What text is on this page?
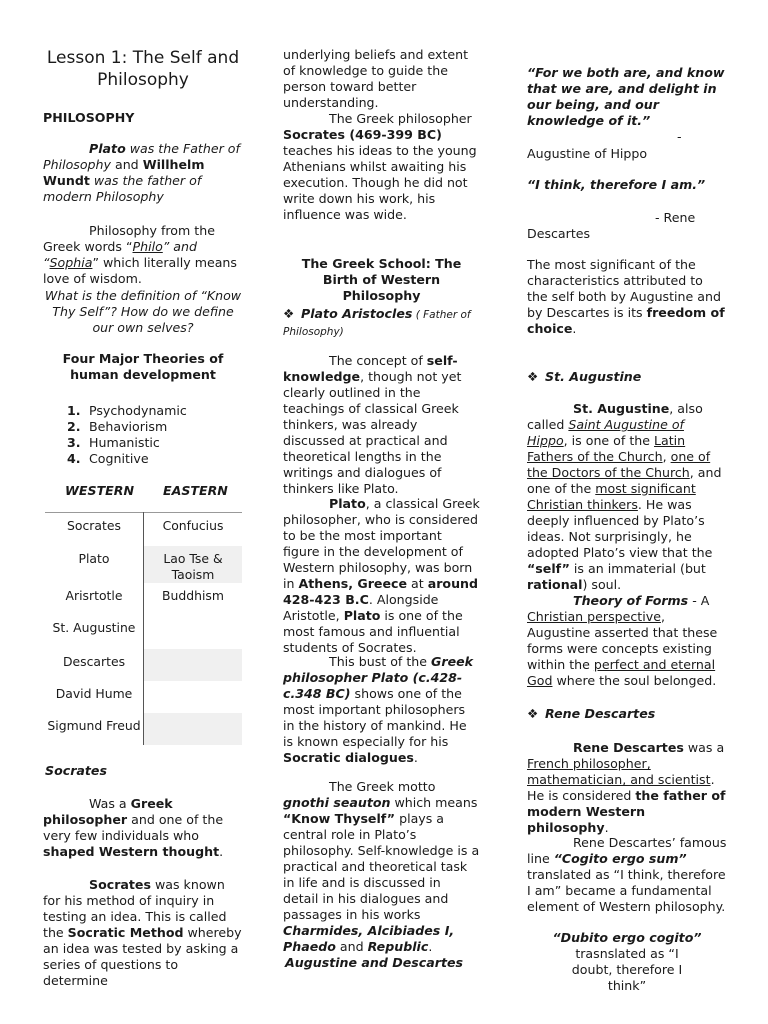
Lesson 1: The Self and
Philosophy
PHILOSOPHY

Plato was the Father of Philosophy and Willhelm Wundt was the father of modern Philosophy

Philosophy from the Greek words “Philo” and “Sophia” which literally means love of wisdom.

What is the definition of “Know Thy Self”? How do we define our own selves?

Four Major Theories of human development
1. Psychodynamic
2. Behaviorism
3. Humanistic
4. Cognitive
WESTERN EASTERN
Socrates	Confucius
Plato	Lao Tse & Taoism
Arisrtotle	Buddhism
St. Augustine	
Descartes	
David Hume	
Sigmund Freud	
Socrates

Was a Greek philosopher and one of the very few individuals who shaped Western thought.

Socrates was known for his method of inquiry in testing an idea. This is called the Socratic Method whereby an idea was tested by asking a series of questions to determine

underlying beliefs and extent of knowledge to guide the person toward better understanding.

The Greek philosopher Socrates (469-399 BC) teaches his ideas to the young Athenians whilst awaiting his execution. Though he did not write down his work, his influence was wide.

The Greek School: The Birth of Western Philosophy

❖ Plato Aristocles ( Father of Philosophy)

The concept of self-knowledge, though not yet clearly outlined in the teachings of classical Greek thinkers, was already discussed at practical and theoretical lengths in the writings and dialogues of thinkers like Plato.

Plato, a classical Greek philosopher, who is considered to be the most important figure in the development of Western philosophy, was born in Athens, Greece at around 428-423 B.C. Alongside Aristotle, Plato is one of the most famous and influential students of Socrates.

This bust of the Greek philosopher Plato (c.428-c.348 BC) shows one of the most important philosophers in the history of mankind. He is known especially for his Socratic dialogues.

The Greek motto gnothi seauton which means “Know Thyself” plays a central role in Plato’s philosophy. Self-knowledge is a practical and theoretical task in life and is discussed in detail in his dialogues and passages in his works Charmides, Alcibiades I, Phaedo and Republic.

Augustine and Descartes

“For we both are, and know that we are, and delight in our being, and our knowledge of it.”

-
Augustine of Hippo

“I think, therefore I am.”

- Rene
Descartes

The most significant of the characteristics attributed to the self both by Augustine and by Descartes is its freedom of choice.

❖ St. Augustine

St. Augustine, also called Saint Augustine of Hippo, is one of the Latin Fathers of the Church, one of the Doctors of the Church, and one of the most significant Christian thinkers. He was deeply influenced by Plato’s ideas. Not surprisingly, he adopted Plato’s view that the “self” is an immaterial (but rational) soul.

Theory of Forms - A Christian perspective, Augustine asserted that these forms were concepts existing within the perfect and eternal God where the soul belonged.

❖ Rene Descartes

Rene Descartes was a French philosopher, mathematician, and scientist. He is considered the father of modern Western philosophy.

Rene Descartes’ famous line “Cogito ergo sum” translated as “I think, therefore I am” became a fundamental element of Western philosophy.

“Dubito ergo cogito”
trasnslated as “I doubt, therefore I think”
